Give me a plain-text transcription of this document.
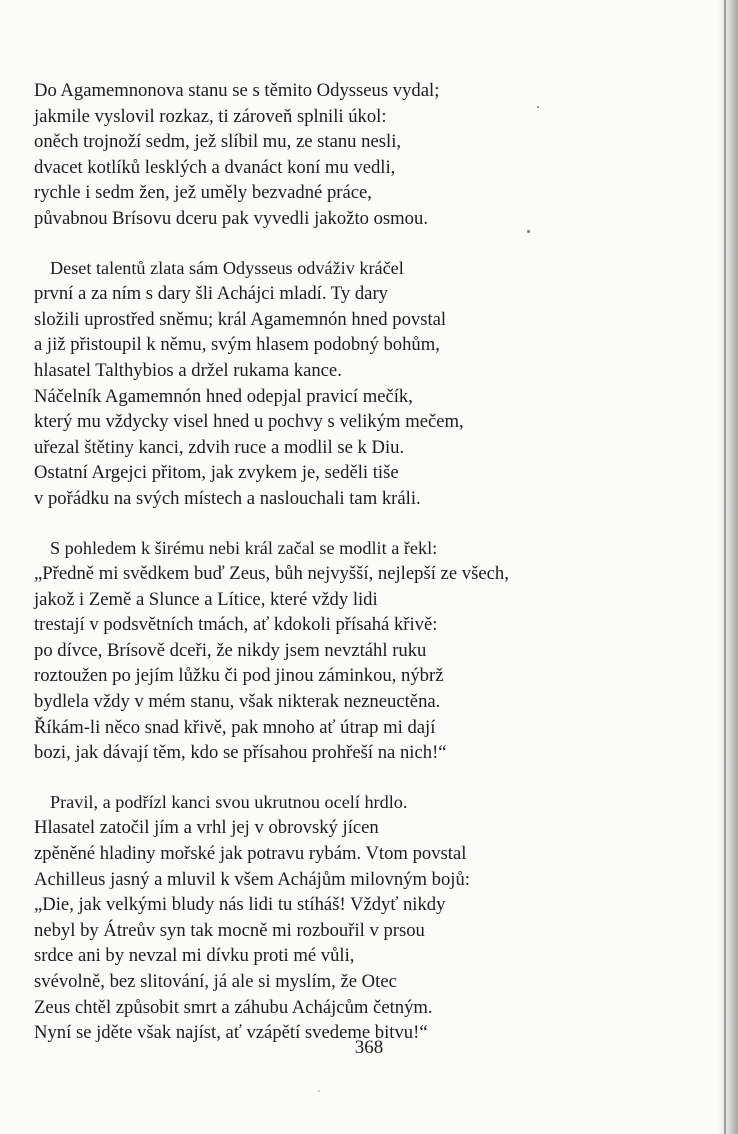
Do Agamemnonova stanu se s těmito Odysseus vydal;
jakmile vyslovil rozkaz, ti zároveň splnili úkol:
oněch trojnoží sedm, jež slíbil mu, ze stanu nesli,
dvacet kotlíků lesklých a dvanáct koní mu vedli,
rychle i sedm žen, jež uměly bezvadné práce,
půvabnou Brísovu dceru pak vyvedli jakožto osmou.
Deset talentů zlata sám Odysseus odváživ kráčel
první a za ním s dary šli Achájci mladí. Ty dary
složili uprostřed sněmu; král Agamemnón hned povstal
a již přistoupil k němu, svým hlasem podobný bohům,
hlasatel Talthybios a držel rukama kance.
Náčelník Agamemnón hned odepjal pravicí mečík,
který mu vždycky visel hned u pochvy s velikým mečem,
uřezal štětiny kanci, zdvih ruce a modlil se k Diu.
Ostatní Argejci přitom, jak zvykem je, seděli tiše
v pořádku na svých místech a naslouchali tam králi.
S pohledem k širému nebi král začal se modlit a řekl:
„Předně mi svědkem buď Zeus, bůh nejvyšší, nejlepší ze všech,
jakož i Země a Slunce a Lítice, které vždy lidi
trestají v podsvětních tmách, ať kdokoli přísahá křivě:
po dívce, Brísově dceři, že nikdy jsem nevztáhl ruku
roztoužen po jejím lůžku či pod jinou záminkou, nýbrž
bydlela vždy v mém stanu, však nikterak nezneuctěna.
Říkám-li něco snad křivě, pak mnoho ať útrap mi dají
bozi, jak dávají těm, kdo se přísahou prohřeší na nich!“
Pravil, a podřízl kanci svou ukrutnou ocelí hrdlo.
Hlasatel zatočil jím a vrhl jej v obrovský jícen
zpěněné hladiny mořské jak potravu rybám. Vtom povstal
Achilleus jasný a mluvil k všem Achájům milovným bojů:
„Die, jak velkými bludy nás lidi tu stíháš! Vždyť nikdy
nebyl by Átreův syn tak mocně mi rozbouřil v prsou
srdce ani by nevzal mi dívku proti mé vůli,
svévolně, bez slitování, já ale si myslím, že Otec
Zeus chtěl způsobit smrt a záhubu Achájcům četným.
Nyní se jděte však najíst, ať vzápětí svedeme bitvu!“
368
